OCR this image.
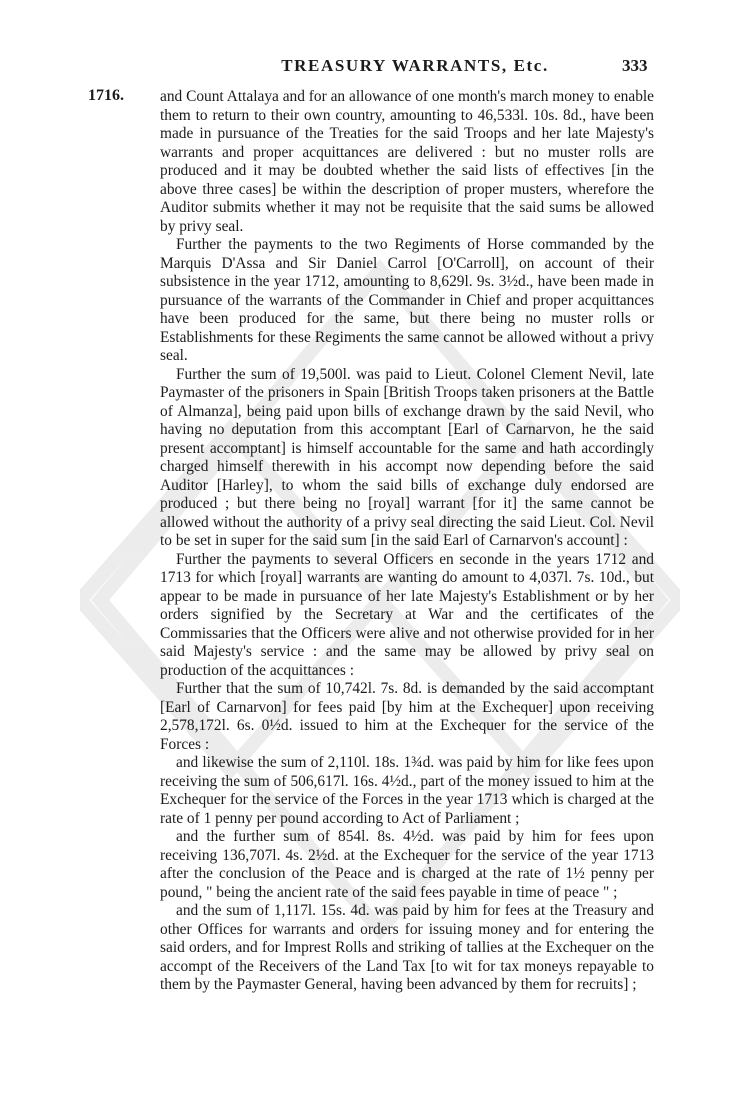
TREASURY WARRANTS, Etc.	333
1716. and Count Attalaya and for an allowance of one month's march money to enable them to return to their own country, amounting to 46,533l. 10s. 8d., have been made in pursuance of the Treaties for the said Troops and her late Majesty's warrants and proper acquittances are delivered : but no muster rolls are produced and it may be doubted whether the said lists of effectives [in the above three cases] be within the description of proper musters, wherefore the Auditor submits whether it may not be requisite that the said sums be allowed by privy seal.

Further the payments to the two Regiments of Horse commanded by the Marquis D'Assa and Sir Daniel Carrol [O'Carroll], on account of their subsistence in the year 1712, amounting to 8,629l. 9s. 3½d., have been made in pursuance of the warrants of the Commander in Chief and proper acquittances have been produced for the same, but there being no muster rolls or Establishments for these Regiments the same cannot be allowed without a privy seal.

Further the sum of 19,500l. was paid to Lieut. Colonel Clement Nevil, late Paymaster of the prisoners in Spain [British Troops taken prisoners at the Battle of Almanza], being paid upon bills of exchange drawn by the said Nevil, who having no deputation from this accomptant [Earl of Carnarvon, he the said present accomptant] is himself accountable for the same and hath accordingly charged himself therewith in his accompt now depending before the said Auditor [Harley], to whom the said bills of exchange duly endorsed are produced ; but there being no [royal] warrant [for it] the same cannot be allowed without the authority of a privy seal directing the said Lieut. Col. Nevil to be set in super for the said sum [in the said Earl of Carnarvon's account] :

Further the payments to several Officers en seconde in the years 1712 and 1713 for which [royal] warrants are wanting do amount to 4,037l. 7s. 10d., but appear to be made in pursuance of her late Majesty's Establishment or by her orders signified by the Secretary at War and the certificates of the Commissaries that the Officers were alive and not otherwise provided for in her said Majesty's service : and the same may be allowed by privy seal on production of the acquittances :

Further that the sum of 10,742l. 7s. 8d. is demanded by the said accomptant [Earl of Carnarvon] for fees paid [by him at the Exchequer] upon receiving 2,578,172l. 6s. 0½d. issued to him at the Exchequer for the service of the Forces :

and likewise the sum of 2,110l. 18s. 1¾d. was paid by him for like fees upon receiving the sum of 506,617l. 16s. 4½d., part of the money issued to him at the Exchequer for the service of the Forces in the year 1713 which is charged at the rate of 1 penny per pound according to Act of Parliament ;

and the further sum of 854l. 8s. 4½d. was paid by him for fees upon receiving 136,707l. 4s. 2½d. at the Exchequer for the service of the year 1713 after the conclusion of the Peace and is charged at the rate of 1½ penny per pound, " being the ancient rate of the said fees payable in time of peace " ;

and the sum of 1,117l. 15s. 4d. was paid by him for fees at the Treasury and other Offices for warrants and orders for issuing money and for entering the said orders, and for Imprest Rolls and striking of tallies at the Exchequer on the accompt of the Receivers of the Land Tax [to wit for tax moneys repayable to them by the Paymaster General, having been advanced by them for recruits] ;
